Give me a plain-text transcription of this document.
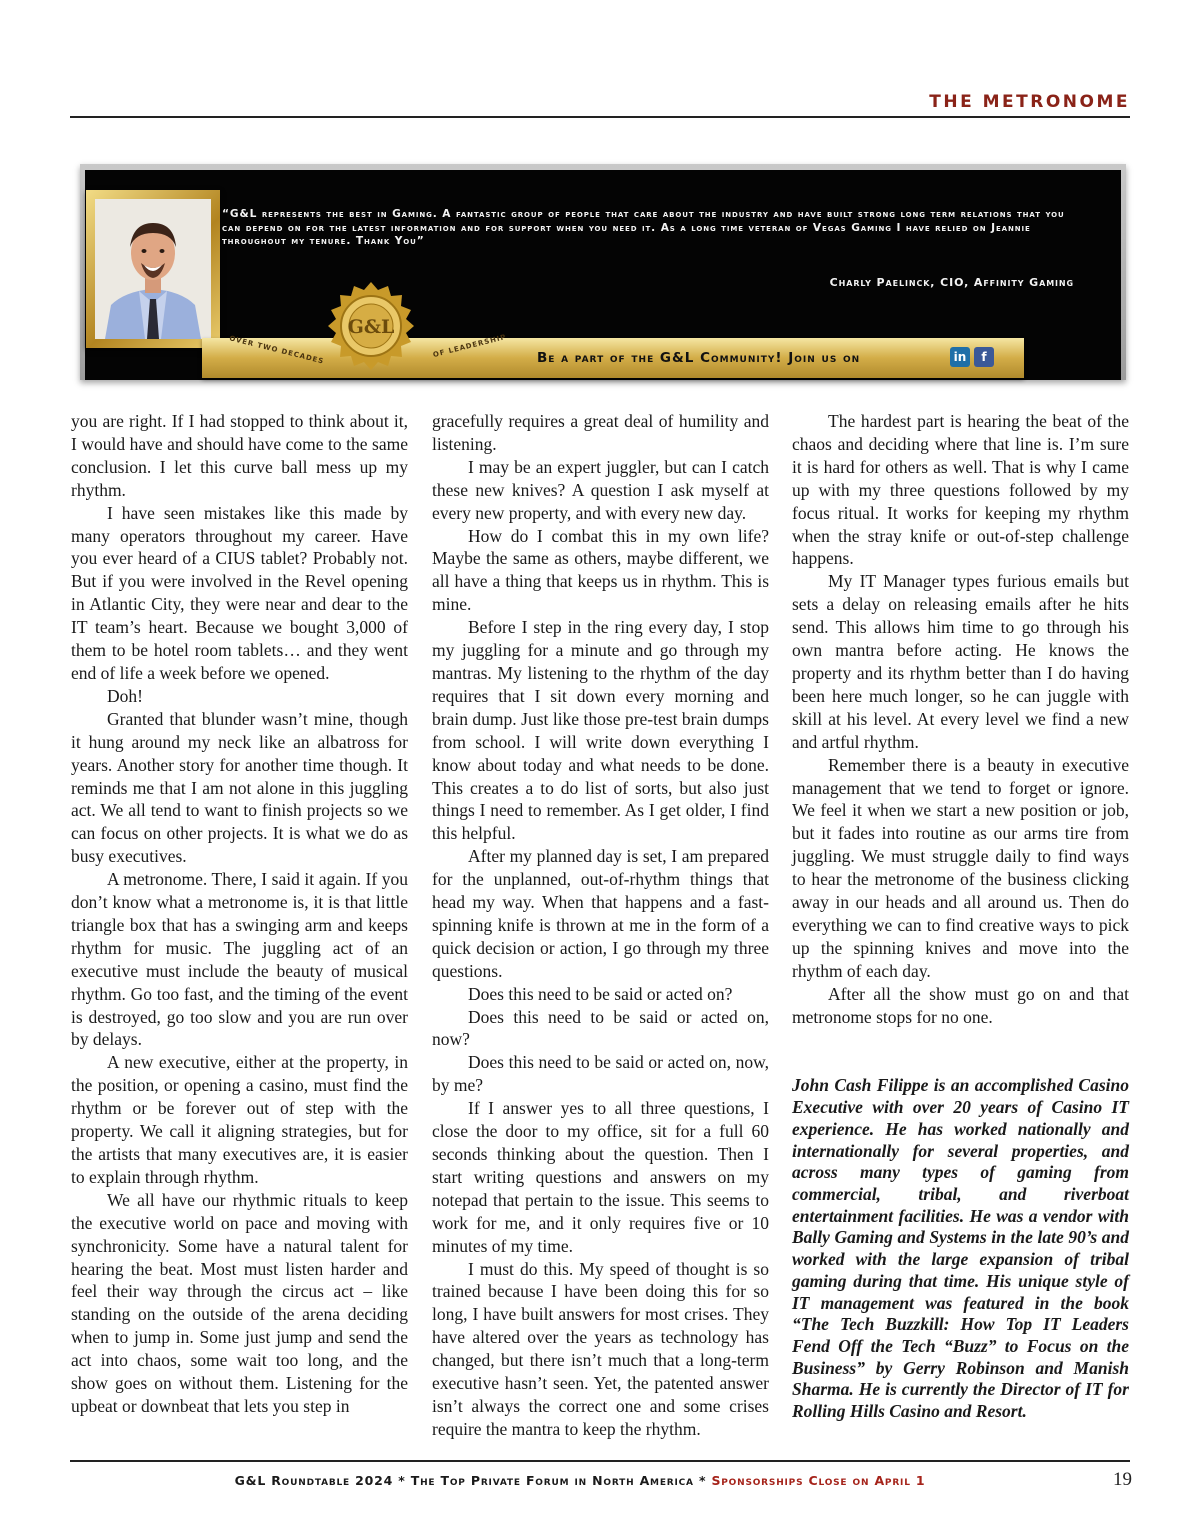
THE METRONOME
“G&L represents the best in Gaming. A fantastic group of people that care about the industry and have built strong long term relations that you can depend on for the latest information and for support when you need it. As a long time veteran of Vegas Gaming I have relied on Jeannie throughout my tenure. Thank You”
Charly Paelinck, CIO, Affinity Gaming
Be a part of the G&L Community! Join us on	in	f
OVER TWO DECADES	OF LEADERSHIP
G&L

you are right. If I had stopped to think about it, I would have and should have come to the same conclusion. I let this curve ball mess up my rhythm.

I have seen mistakes like this made by many operators throughout my career. Have you ever heard of a CIUS tablet? Probably not. But if you were involved in the Revel opening in Atlantic City, they were near and dear to the IT team’s heart. Because we bought 3,000 of them to be hotel room tablets… and they went end of life a week before we opened.

Doh!

Granted that blunder wasn’t mine, though it hung around my neck like an albatross for years. Another story for another time though. It reminds me that I am not alone in this juggling act. We all tend to want to finish projects so we can focus on other projects. It is what we do as busy executives.

A metronome. There, I said it again. If you don’t know what a metronome is, it is that little triangle box that has a swinging arm and keeps rhythm for music. The juggling act of an executive must include the beauty of musical rhythm. Go too fast, and the timing of the event is destroyed, go too slow and you are run over by delays.

A new executive, either at the property, in the position, or opening a casino, must find the rhythm or be forever out of step with the property. We call it aligning strategies, but for the artists that many executives are, it is easier to explain through rhythm.

We all have our rhythmic rituals to keep the executive world on pace and moving with synchronicity. Some have a natural talent for hearing the beat. Most must listen harder and feel their way through the circus act – like standing on the outside of the arena deciding when to jump in. Some just jump and send the act into chaos, some wait too long, and the show goes on without them. Listening for the upbeat or downbeat that lets you step in

gracefully requires a great deal of humility and listening.

I may be an expert juggler, but can I catch these new knives? A question I ask myself at every new property, and with every new day.

How do I combat this in my own life? Maybe the same as others, maybe different, we all have a thing that keeps us in rhythm. This is mine.

Before I step in the ring every day, I stop my juggling for a minute and go through my mantras. My listening to the rhythm of the day requires that I sit down every morning and brain dump. Just like those pre-test brain dumps from school. I will write down everything I know about today and what needs to be done. This creates a to do list of sorts, but also just things I need to remember. As I get older, I find this helpful.

After my planned day is set, I am prepared for the unplanned, out-of-rhythm things that head my way. When that happens and a fast-spinning knife is thrown at me in the form of a quick decision or action, I go through my three questions.

Does this need to be said or acted on?

Does this need to be said or acted on, now?

Does this need to be said or acted on, now, by me?

If I answer yes to all three questions, I close the door to my office, sit for a full 60 seconds thinking about the question. Then I start writing questions and answers on my notepad that pertain to the issue. This seems to work for me, and it only requires five or 10 minutes of my time.

I must do this. My speed of thought is so trained because I have been doing this for so long, I have built answers for most crises. They have altered over the years as technology has changed, but there isn’t much that a long-term executive hasn’t seen. Yet, the patented answer isn’t always the correct one and some crises require the mantra to keep the rhythm.

The hardest part is hearing the beat of the chaos and deciding where that line is. I’m sure it is hard for others as well. That is why I came up with my three questions followed by my focus ritual. It works for keeping my rhythm when the stray knife or out-of-step challenge happens.

My IT Manager types furious emails but sets a delay on releasing emails after he hits send. This allows him time to go through his own mantra before acting. He knows the property and its rhythm better than I do having been here much longer, so he can juggle with skill at his level. At every level we find a new and artful rhythm.

Remember there is a beauty in executive management that we tend to forget or ignore. We feel it when we start a new position or job, but it fades into routine as our arms tire from juggling. We must struggle daily to find ways to hear the metronome of the business clicking away in our heads and all around us. Then do everything we can to find creative ways to pick up the spinning knives and move into the rhythm of each day.

After all the show must go on and that metronome stops for no one.

John Cash Filippe is an accomplished Casino Executive with over 20 years of Casino IT experience. He has worked nationally and internationally for several properties, and across many types of gaming from commercial, tribal, and riverboat entertainment facilities. He was a vendor with Bally Gaming and Systems in the late 90’s and worked with the large expansion of tribal gaming during that time. His unique style of IT management was featured in the book “The Tech Buzzkill: How Top IT Leaders Fend Off the Tech “Buzz” to Focus on the Business” by Gerry Robinson and Manish Sharma. He is currently the Director of IT for Rolling Hills Casino and Resort.

G&L Roundtable 2024 * The Top Private Forum in North America * Sponsorships Close on April 1	19
